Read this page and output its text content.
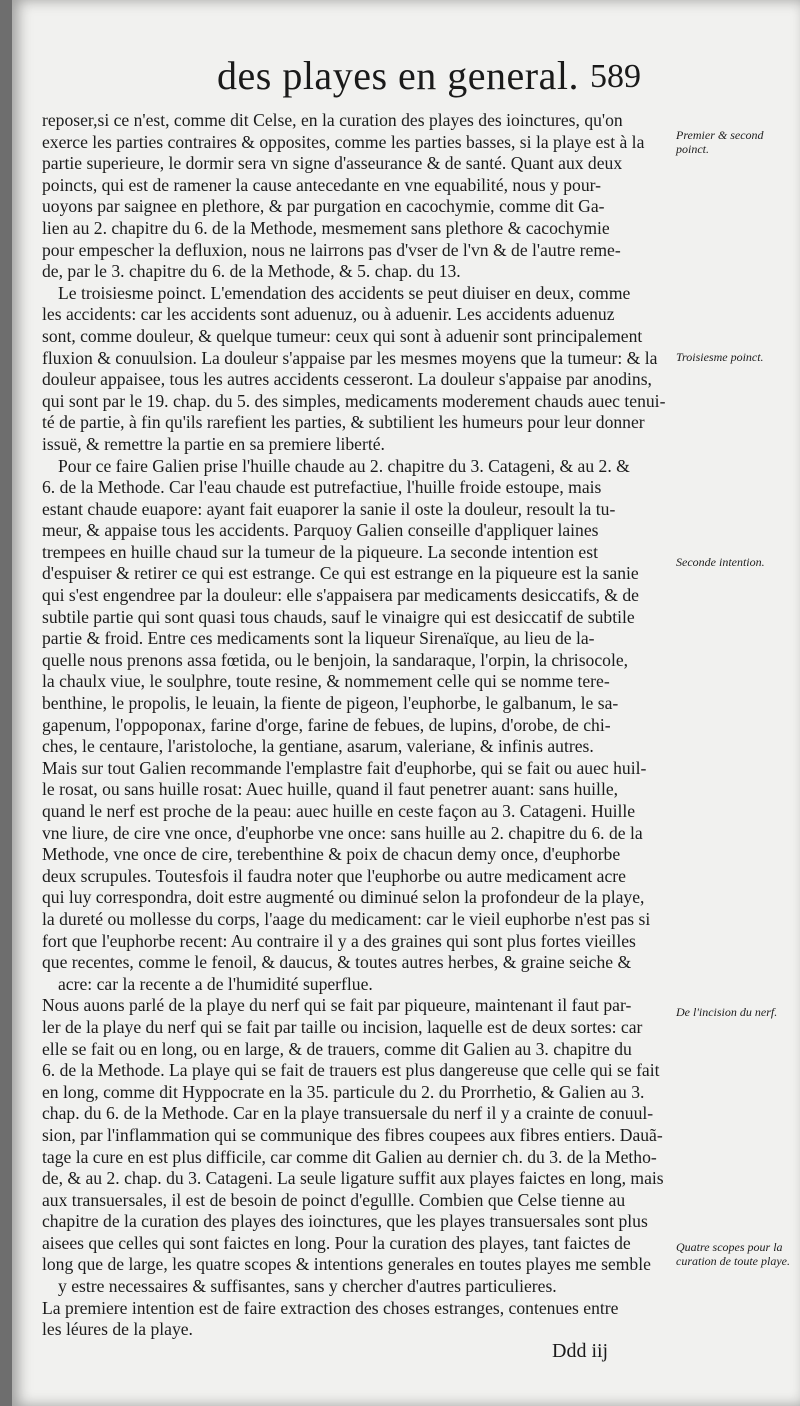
des playes en general. 589
reposer,si ce n'est, comme dit Celse, en la curation des playes des ioinctures, qu'on
exerce les parties contraires & opposites, comme les parties basses, si la playe est à la
partie superieure, le dormir sera vn signe d'asseurance & de santé. Quant aux deux
poincts, qui est de ramener la cause antecedante en vne equabilité, nous y pour-
uoyons par saignee en plethore, & par purgation en cacochymie, comme dit Ga-
lien au 2. chapitre du 6. de la Methode, mesmement sans plethore & cacochymie
pour empescher la defluxion, nous ne lairrons pas d'vser de l'vn & de l'autre reme-
de, par le 3. chapitre du 6. de la Methode, & 5. chap. du 13.
Le troisiesme poinct. L'emendation des accidents se peut diuiser en deux, comme
les accidents: car les accidents sont aduenuz, ou à aduenir. Les accidents aduenuz
sont, comme douleur, & quelque tumeur: ceux qui sont à aduenir sont principalement
fluxion & conuulsion. La douleur s'appaise par les mesmes moyens que la tumeur: & la
douleur appaisee, tous les autres accidents cesseront. La douleur s'appaise par anodins,
qui sont par le 19. chap. du 5. des simples, medicaments moderement chauds auec tenui-
té de partie, à fin qu'ils rarefient les parties, & subtilient les humeurs pour leur donner
issuë, & remettre la partie en sa premiere liberté.
Pour ce faire Galien prise l'huille chaude au 2. chapitre du 3. Catageni, & au 2. &
6. de la Methode. Car l'eau chaude est putrefactiue, l'huille froide estoupe, mais
estant chaude euapore: ayant fait euaporer la sanie il oste la douleur, resoult la tu-
meur, & appaise tous les accidents. Parquoy Galien conseille d'appliquer laines
trempees en huille chaud sur la tumeur de la piqueure. La seconde intention est
d'espuiser & retirer ce qui est estrange. Ce qui est estrange en la piqueure est la sanie
qui s'est engendree par la douleur: elle s'appaisera par medicaments desiccatifs, & de
subtile partie qui sont quasi tous chauds, sauf le vinaigre qui est desiccatif de subtile
partie & froid. Entre ces medicaments sont la liqueur Sirenaïque, au lieu de la-
quelle nous prenons assa fœtida, ou le benjoin, la sandaraque, l'orpin, la chrisocole,
la chaulx viue, le soulphre, toute resine, & nommement celle qui se nomme tere-
benthine, le propolis, le leuain, la fiente de pigeon, l'euphorbe, le galbanum, le sa-
gapenum, l'oppoponax, farine d'orge, farine de febues, de lupins, d'orobe, de chi-
ches, le centaure, l'aristoloche, la gentiane, asarum, valeriane, & infinis autres.
Mais sur tout Galien recommande l'emplastre fait d'euphorbe, qui se fait ou auec huil-
le rosat, ou sans huille rosat: Auec huille, quand il faut penetrer auant: sans huille,
quand le nerf est proche de la peau: auec huille en ceste façon au 3. Catageni. Huille
vne liure, de cire vne once, d'euphorbe vne once: sans huille au 2. chapitre du 6. de la
Methode, vne once de cire, terebenthine & poix de chacun demy once, d'euphorbe
deux scrupules. Toutesfois il faudra noter que l'euphorbe ou autre medicament acre
qui luy correspondra, doit estre augmenté ou diminué selon la profondeur de la playe,
la dureté ou mollesse du corps, l'aage du medicament: car le vieil euphorbe n'est pas si
fort que l'euphorbe recent: Au contraire il y a des graines qui sont plus fortes vieilles
que recentes, comme le fenoil, & daucus, & toutes autres herbes, & graine seiche &
acre: car la recente a de l'humidité superflue.
Nous auons parlé de la playe du nerf qui se fait par piqueure, maintenant il faut par-
ler de la playe du nerf qui se fait par taille ou incision, laquelle est de deux sortes: car
elle se fait ou en long, ou en large, & de trauers, comme dit Galien au 3. chapitre du
6. de la Methode. La playe qui se fait de trauers est plus dangereuse que celle qui se fait
en long, comme dit Hyppocrate en la 35. particule du 2. du Prorrhetio, & Galien au 3.
chap. du 6. de la Methode. Car en la playe transuersale du nerf il y a crainte de conuul-
sion, par l'inflammation qui se communique des fibres coupees aux fibres entiers. Dauã-
tage la cure en est plus difficile, car comme dit Galien au dernier ch. du 3. de la Metho-
de, & au 2. chap. du 3. Catageni. La seule ligature suffit aux playes faictes en long, mais
aux transuersales, il est de besoin de poinct d'egullle. Combien que Celse tienne au
chapitre de la curation des playes des ioinctures, que les playes transuersales sont plus
aisees que celles qui sont faictes en long. Pour la curation des playes, tant faictes de
long que de large, les quatre scopes & intentions generales en toutes playes me semble
y estre necessaires & suffisantes, sans y chercher d'autres particulieres.
La premiere intention est de faire extraction des choses estranges, contenues entre
les léures de la playe.
Premier & second poinct.
Troisiesme poinct.
Seconde intention.
De l'incision du nerf.
Quatre scopes pour la curation de toute playe.
Ddd iij
